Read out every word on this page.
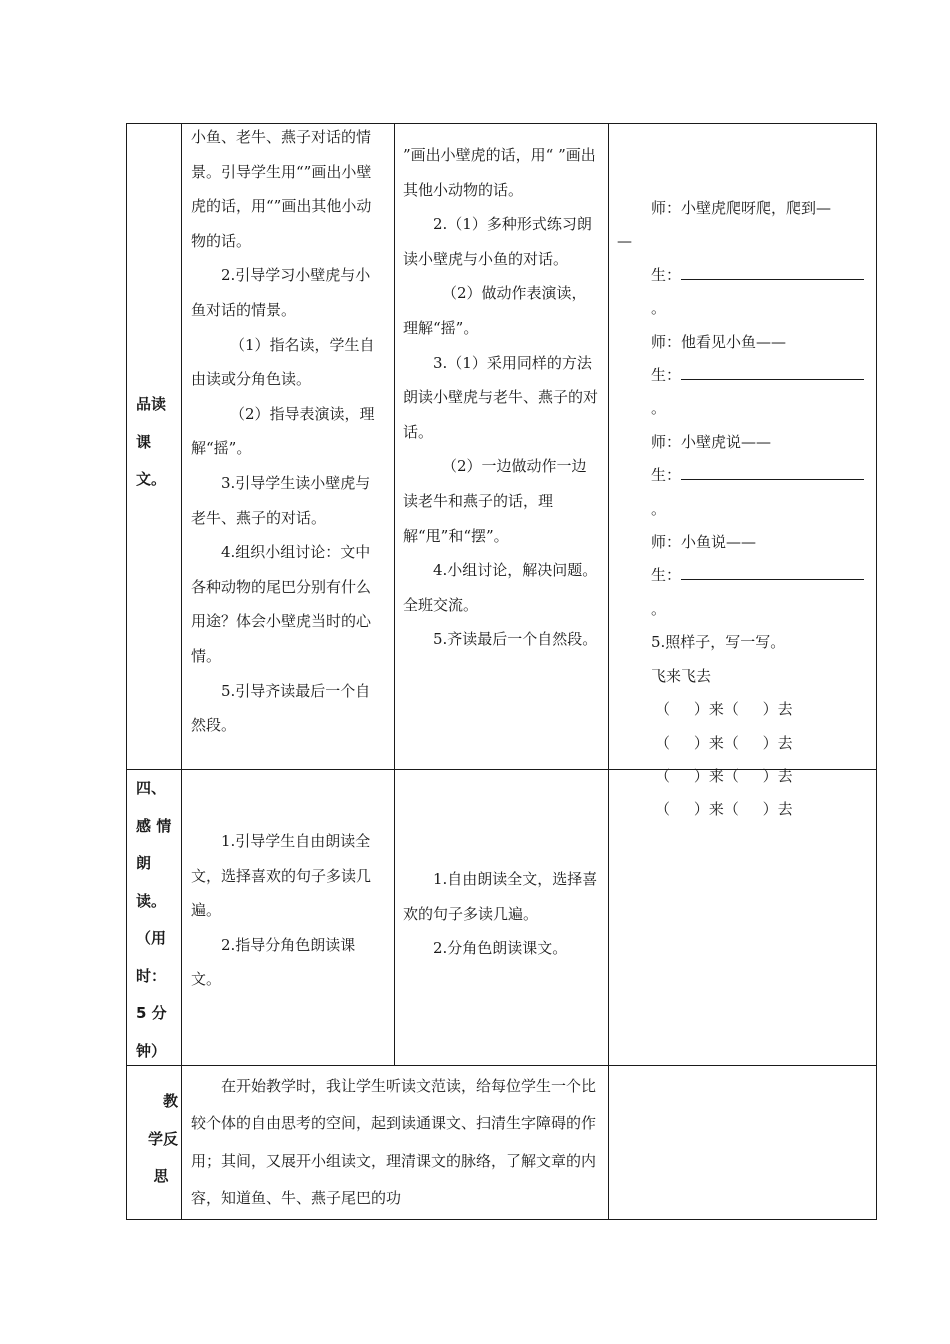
品读
课
文。

小鱼、老牛、燕子对话的情景。引导学生用“”画出小壁虎的话，用“”画出其他小动物的话。

2.引导学习小壁虎与小鱼对话的情景。

（1）指名读，学生自由读或分角色读。

（2）指导表演读，理解“摇”。

3.引导学生读小壁虎与老牛、燕子的对话。

4.组织小组讨论：文中各种动物的尾巴分别有什么用途？体会小壁虎当时的心情。

5.引导齐读最后一个自然段。

”画出小壁虎的话，用“ ”画出其他小动物的话。

2.（1）多种形式练习朗读小壁虎与小鱼的对话。

（2）做动作表演读，理解“摇”。

3.（1）采用同样的方法朗读小壁虎与老牛、燕子的对话。

（2）一边做动作一边读老牛和燕子的话，理解“甩”和“摆”。

4.小组讨论，解决问题。全班交流。

5.齐读最后一个自然段。

师：小壁虎爬呀爬，爬到—

—

生：。

师：他看见小鱼——

生：。

师：小壁虎说——

生：。

师：小鱼说——

生：。

5.照样子，写一写。

飞来飞去

（     ）来（     ）去
（     ）来（     ）去
（     ）来（     ）去
（     ）来（     ）去
四、
感 情
朗
读。
（用
时：
5 分
钟）

1.引导学生自由朗读全文，选择喜欢的句子多读几遍。

2.指导分角色朗读课文。

1.自由朗读全文，选择喜欢的句子多读几遍。

2.分角色朗读课文。

教
学反
思

在开始教学时，我让学生听读文范读，给每位学生一个比较个体的自由思考的空间，起到读通课文、扫清生字障碍的作用；其间，又展开小组读文，理清课文的脉络，了解文章的内容，知道鱼、牛、燕子尾巴的功
